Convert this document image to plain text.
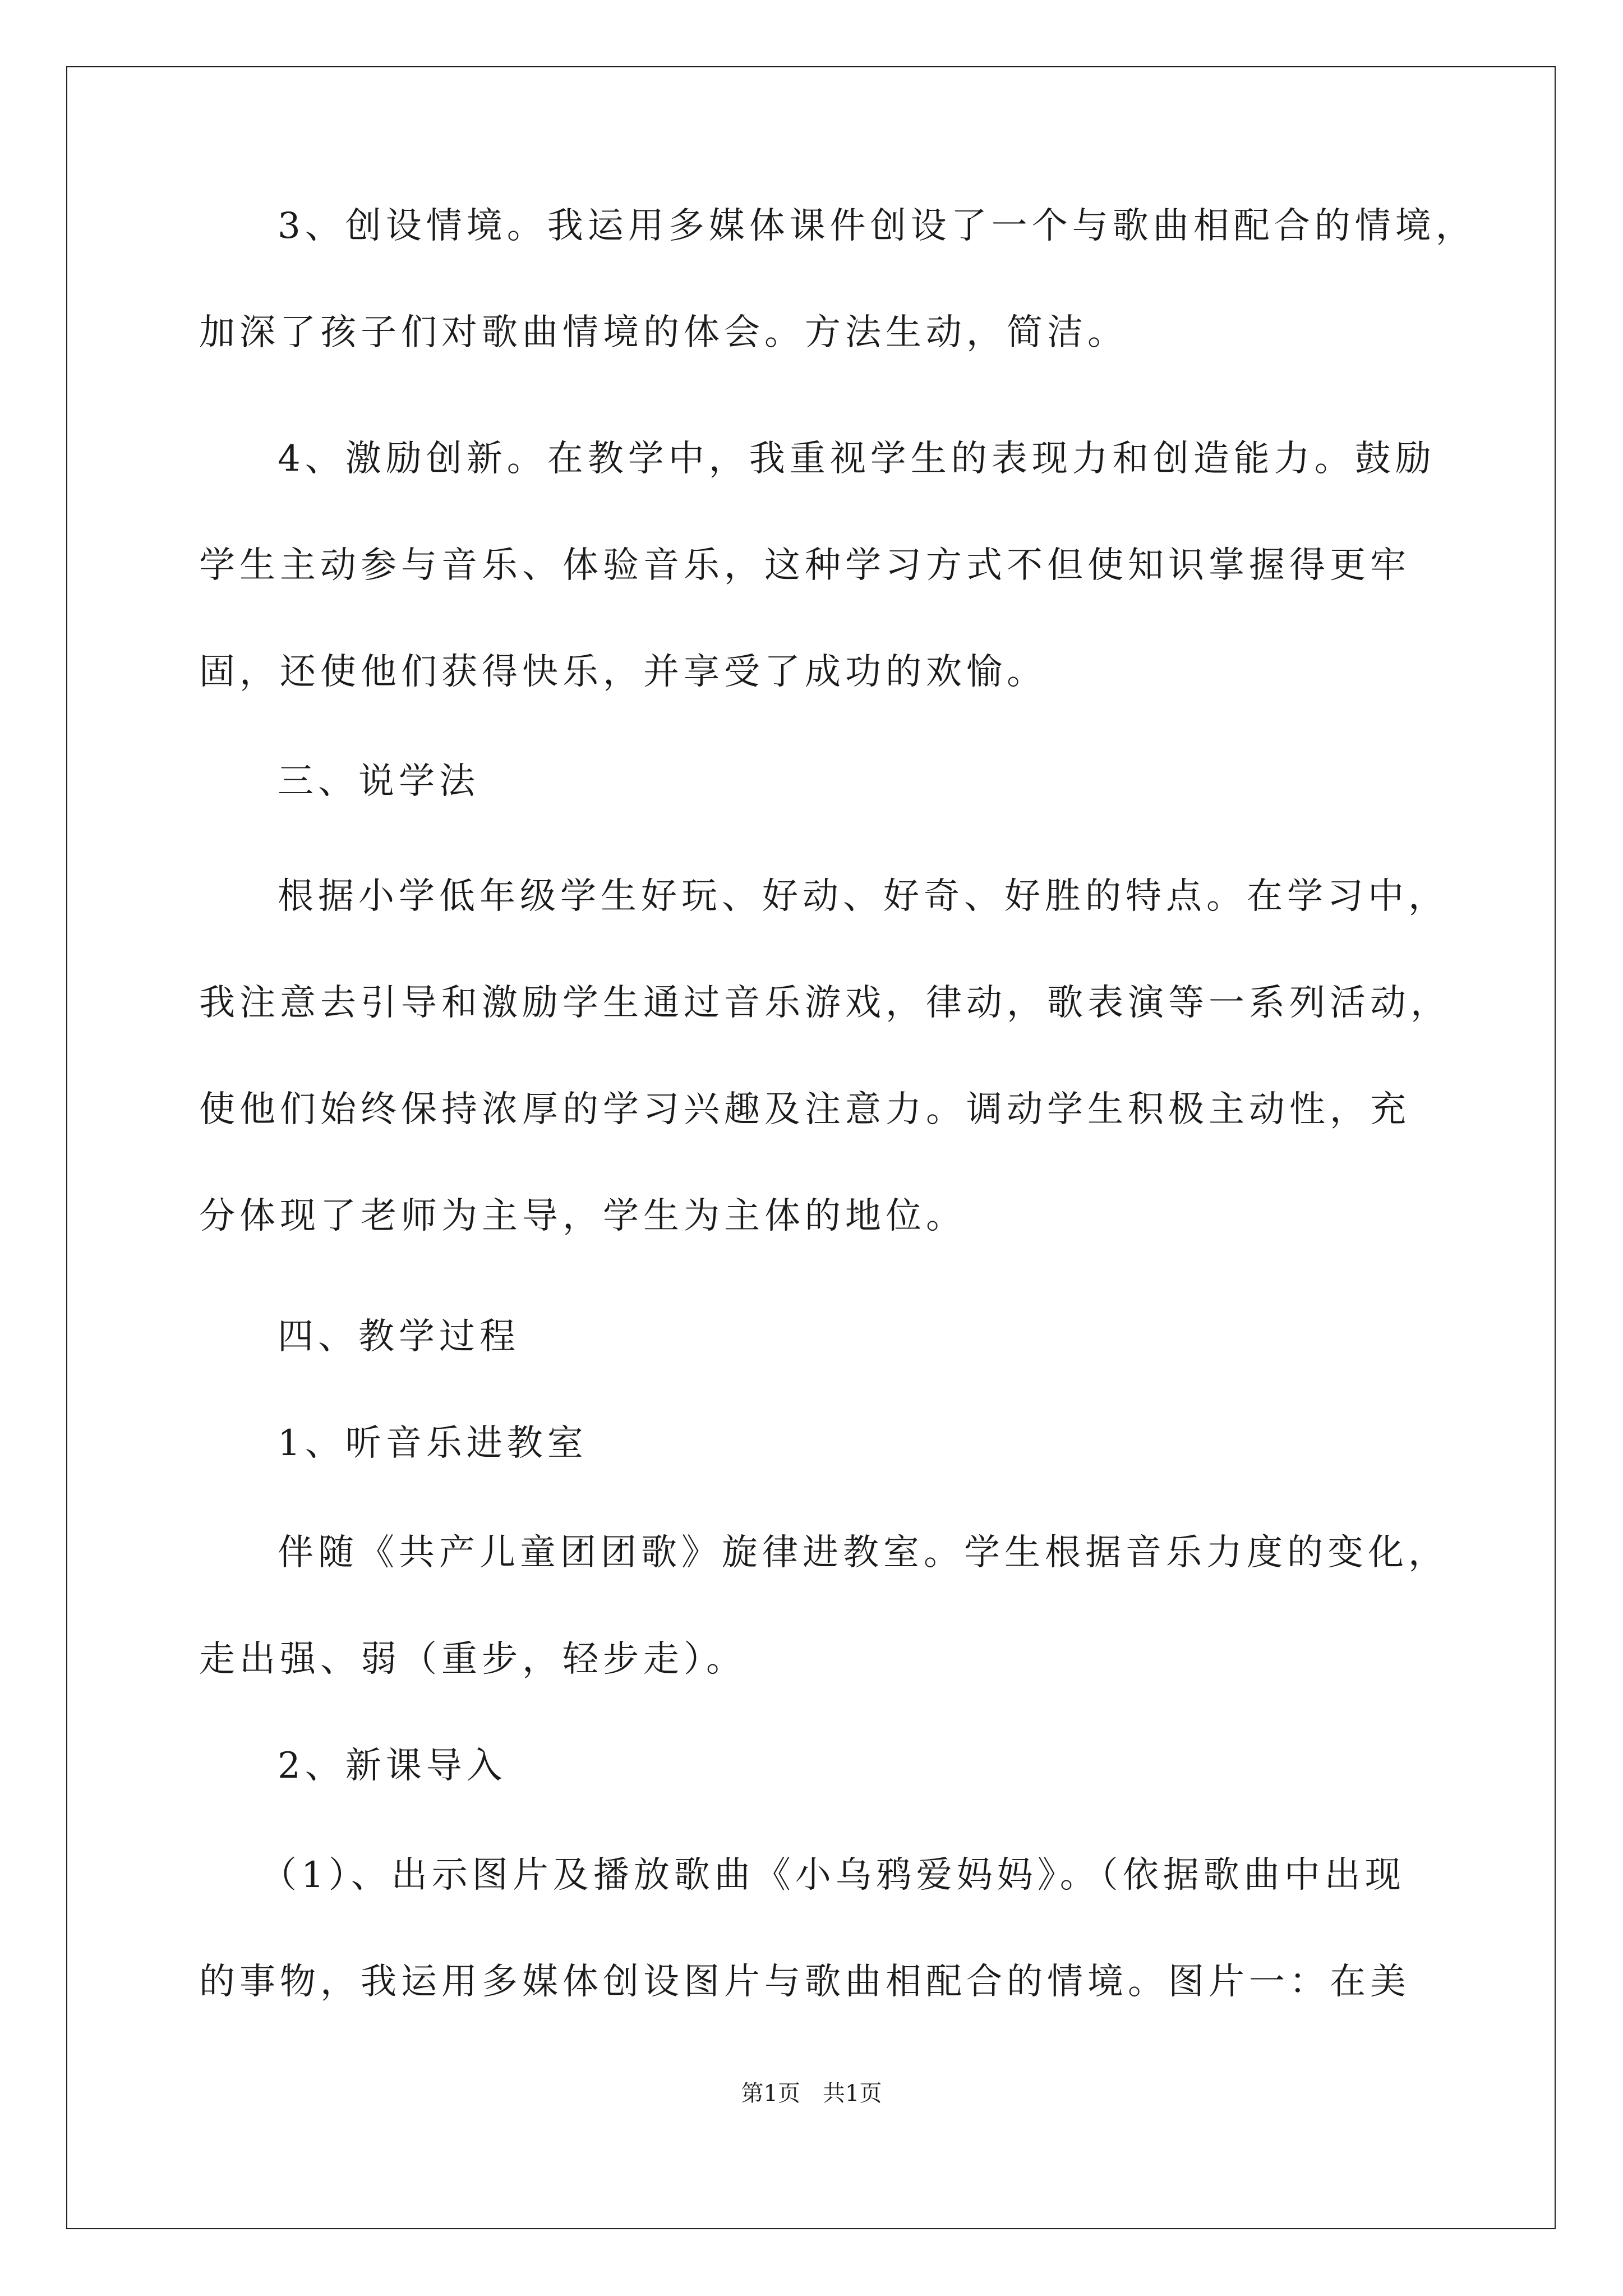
3、创设情境。我运用多媒体课件创设了一个与歌曲相配合的情境，
加深了孩子们对歌曲情境的体会。方法生动，简洁。
4、激励创新。在教学中，我重视学生的表现力和创造能力。鼓励
学生主动参与音乐、体验音乐，这种学习方式不但使知识掌握得更牢
固，还使他们获得快乐，并享受了成功的欢愉。
三、说学法
根据小学低年级学生好玩、好动、好奇、好胜的特点。在学习中，
我注意去引导和激励学生通过音乐游戏，律动，歌表演等一系列活动，
使他们始终保持浓厚的学习兴趣及注意力。调动学生积极主动性，充
分体现了老师为主导，学生为主体的地位。
四、教学过程
1、听音乐进教室
伴随《共产儿童团团歌》旋律进教室。学生根据音乐力度的变化，
走出强、弱（重步，轻步走）。
2、新课导入
（1）、出示图片及播放歌曲《小乌鸦爱妈妈》。（依据歌曲中出现
的事物，我运用多媒体创设图片与歌曲相配合的情境。图片一：在美
第1页　共1页
